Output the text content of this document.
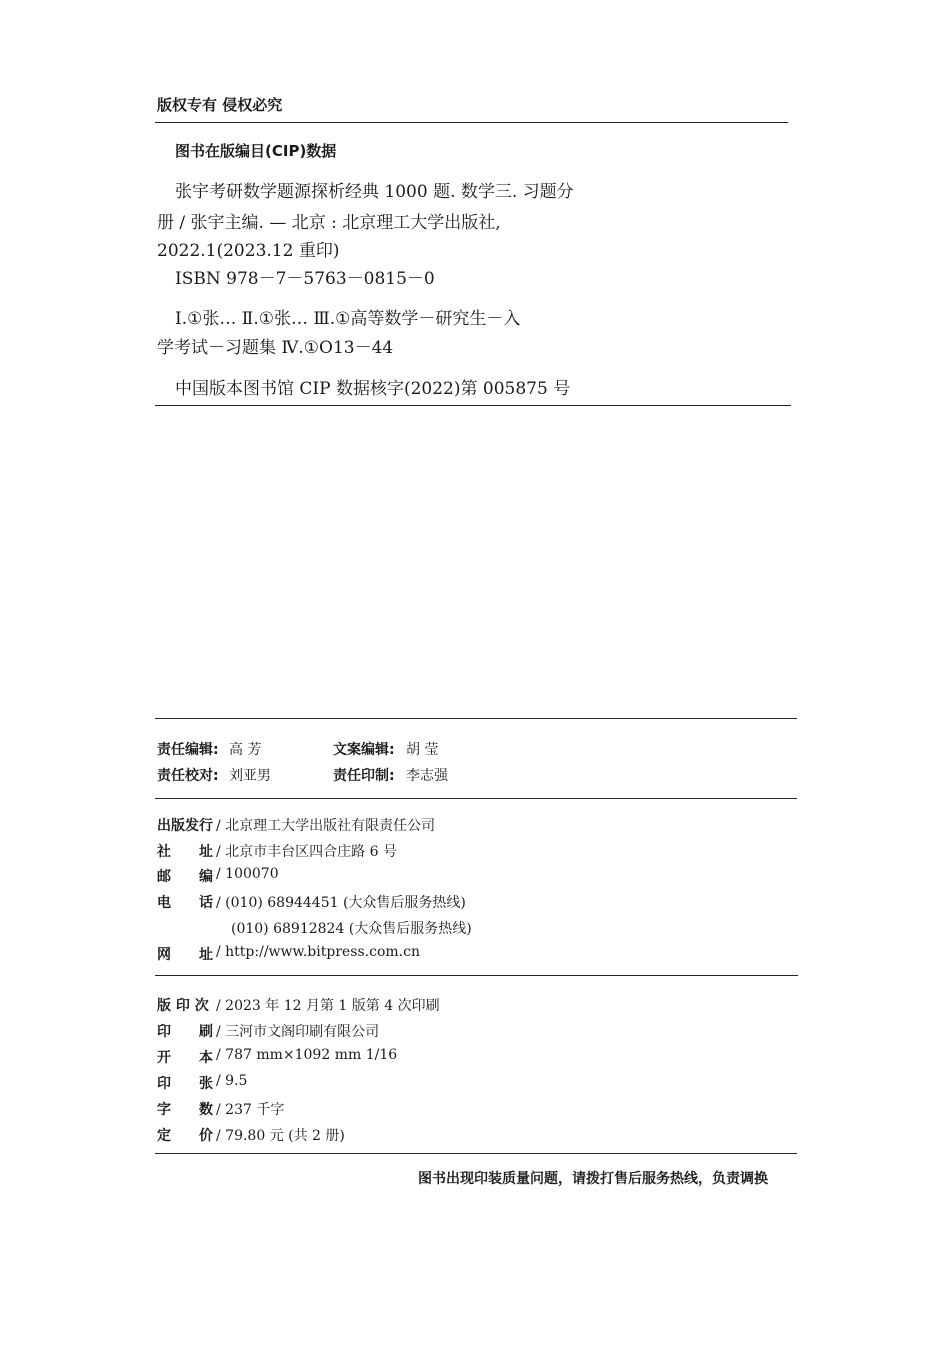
版权专有 侵权必究
图书在版编目(CIP)数据
张宇考研数学题源探析经典 1000 题. 数学三. 习题分
册 / 张宇主编. — 北京 : 北京理工大学出版社,
2022.1(2023.12 重印)
ISBN 978－7－5763－0815－0
Ⅰ.①张… Ⅱ.①张… Ⅲ.①高等数学－研究生－入
学考试－习题集 Ⅳ.①O13－44
中国版本图书馆 CIP 数据核字(2022)第 005875 号
责任编辑: 高 芳	文案编辑: 胡 莹
责任校对: 刘亚男	责任印制: 李志强
出版发行 / 北京理工大学出版社有限责任公司
社 址 / 北京市丰台区四合庄路 6 号
邮 编 / 100070
电 话 / (010) 68944451 (大众售后服务热线)
(010) 68912824 (大众售后服务热线)
网 址 / http://www.bitpress.com.cn
版 印 次 / 2023 年 12 月第 1 版第 4 次印刷
印 刷 / 三河市文阁印刷有限公司
开 本 / 787 mm×1092 mm 1/16
印 张 / 9.5
字 数 / 237 千字
定 价 / 79.80 元 (共 2 册)
图书出现印装质量问题，请拨打售后服务热线，负责调换
